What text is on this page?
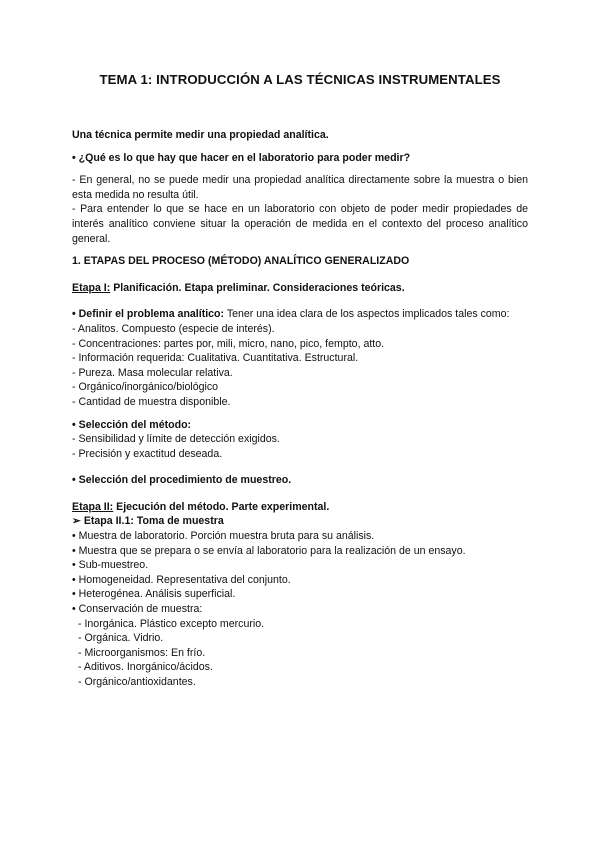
TEMA 1: INTRODUCCIÓN A LAS TÉCNICAS INSTRUMENTALES

Una técnica permite medir una propiedad analítica.

• ¿Qué es lo que hay que hacer en el laboratorio para poder medir?

- En general, no se puede medir una propiedad analítica directamente sobre la muestra o bien esta medida no resulta útil.

- Para entender lo que se hace en un laboratorio con objeto de poder medir propiedades de interés analítico conviene situar la operación de medida en el contexto del proceso analítico general.

1. ETAPAS DEL PROCESO (MÉTODO) ANALÍTICO GENERALIZADO

Etapa I: Planificación. Etapa preliminar. Consideraciones teóricas.

• Definir el problema analítico: Tener una idea clara de los aspectos implicados tales como:

- Analitos. Compuesto (especie de interés).

- Concentraciones: partes por, mili, micro, nano, pico, fempto, atto.

- Información requerida: Cualitativa. Cuantitativa. Estructural.

- Pureza. Masa molecular relativa.

- Orgánico/inorgánico/biológico

- Cantidad de muestra disponible.

• Selección del método:

- Sensibilidad y límite de detección exigidos.

- Precisión y exactitud deseada.

• Selección del procedimiento de muestreo.

Etapa II: Ejecución del método. Parte experimental.

➢ Etapa II.1: Toma de muestra

• Muestra de laboratorio. Porción muestra bruta para su análisis.

• Muestra que se prepara o se envía al laboratorio para la realización de un ensayo.

• Sub-muestreo.

• Homogeneidad. Representativa del conjunto.

• Heterogénea. Análisis superficial.

• Conservación de muestra:

- Inorgánica. Plástico excepto mercurio.

- Orgánica. Vidrio.

- Microorganismos: En frío.

- Aditivos. Inorgánico/ácidos.

- Orgánico/antioxidantes.
